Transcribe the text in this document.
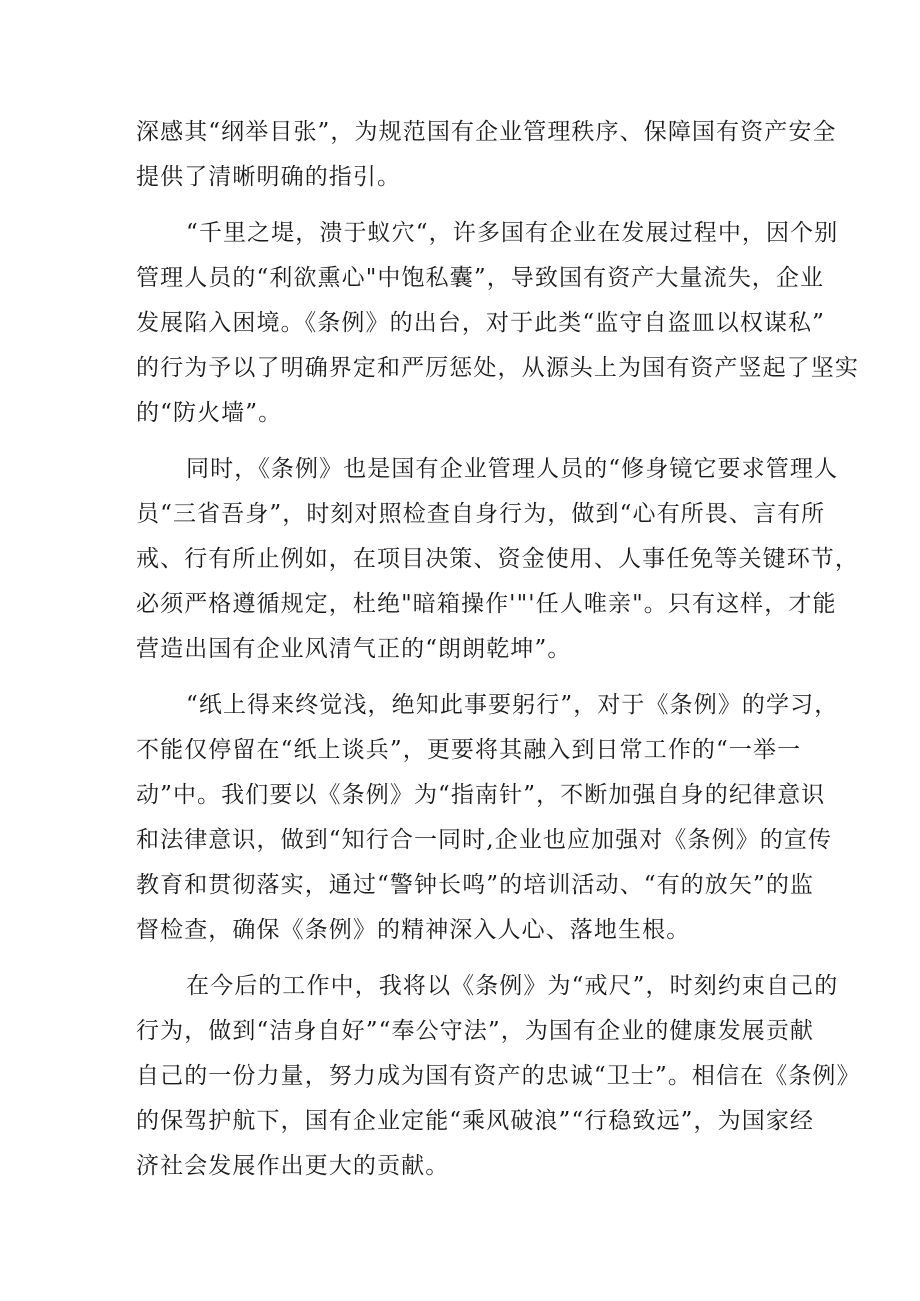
深感其“纲举目张”，为规范国有企业管理秩序、保障国有资产安全
提供了清晰明确的指引。
“千里之堤，溃于蚁穴“，许多国有企业在发展过程中，因个别
管理人员的“利欲熏心"中饱私囊”，导致国有资产大量流失，企业
发展陷入困境。《条例》的出台，对于此类“监守自盗皿以权谋私”
的行为予以了明确界定和严厉惩处，从源头上为国有资产竖起了坚实
的“防火墙”。
同时，《条例》也是国有企业管理人员的“修身镜它要求管理人
员“三省吾身”，时刻对照检查自身行为，做到“心有所畏、言有所
戒、行有所止例如，在项目决策、资金使用、人事任免等关键环节，
必须严格遵循规定，杜绝"暗箱操作'"'任人唯亲"。只有这样，才能
营造出国有企业风清气正的“朗朗乾坤”。
“纸上得来终觉浅，绝知此事要躬行”，对于《条例》的学习，
不能仅停留在“纸上谈兵”，更要将其融入到日常工作的“一举一
动”中。我们要以《条例》为“指南针”，不断加强自身的纪律意识
和法律意识，做到“知行合一同时,企业也应加强对《条例》的宣传
教育和贯彻落实，通过“警钟长鸣”的培训活动、“有的放矢”的监
督检查，确保《条例》的精神深入人心、落地生根。
在今后的工作中，我将以《条例》为“戒尺”，时刻约束自己的
行为，做到“洁身自好”“奉公守法”，为国有企业的健康发展贡献
自己的一份力量，努力成为国有资产的忠诚“卫士”。相信在《条例》
的保驾护航下，国有企业定能“乘风破浪”“行稳致远”，为国家经
济社会发展作出更大的贡献。
